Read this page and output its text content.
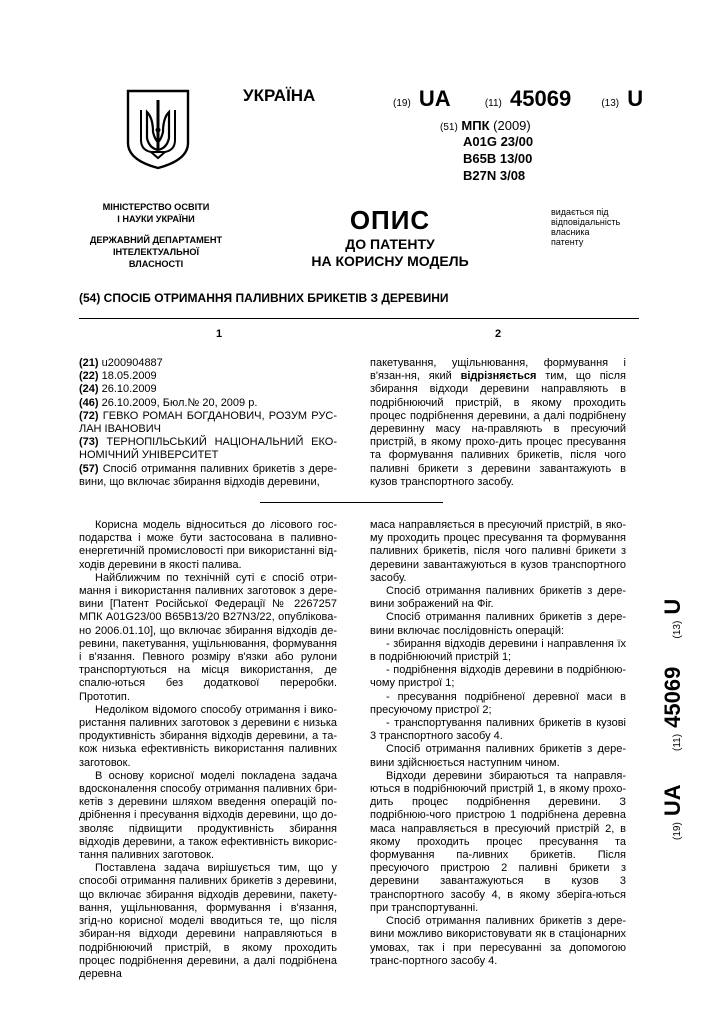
УКРАЇНА	(19) UA	(11) 45069	(13) U
(51) МПК (2009)
A01G 23/00
B65B 13/00
B27N 3/08
МІНІСТЕРСТВО ОСВІТИ
І НАУКИ УКРАЇНИ
ДЕРЖАВНИЙ ДЕПАРТАМЕНТ
ІНТЕЛЕКТУАЛЬНОЇ
ВЛАСНОСТІ
ОПИС
ДО ПАТЕНТУ
НА КОРИСНУ МОДЕЛЬ
видається під
відповідальність
власника
патенту
(54) СПОСІБ ОТРИМАННЯ ПАЛИВНИХ БРИКЕТІВ З ДЕРЕВИНИ
1	2

(21) u200904887

(22) 18.05.2009

(24) 26.10.2009

(46) 26.10.2009, Бюл.№ 20, 2009 р.

(72) ГЕВКО РОМАН БОГДАНОВИЧ, РОЗУМ РУС-ЛАН ІВАНОВИЧ

(73) ТЕРНОПІЛЬСЬКИЙ НАЦІОНАЛЬНИЙ ЕКО-НОМІЧНИЙ УНІВЕРСИТЕТ

(57) Спосіб отримання паливних брикетів з дере-вини, що включає збирання відходів деревини,

пакетування, ущільнювання, формування і в'язан-ня, який відрізняється тим, що після збирання відходи деревини направляють в подрібнюючий пристрій, в якому проходить процес подрібнення деревини, а далі подрібнену деревинну масу на-правляють в пресуючий пристрій, в якому прохо-дить процес пресування та формування паливних брикетів, після чого паливні брикети з деревини завантажують в кузов транспортного засобу.

Корисна модель відноситься до лісового гос-подарства і може бути застосована в паливно-енергетичній промисловості при використанні від-ходів деревини в якості палива.

Найближчим по технічній суті є спосіб отри-мання і використання паливних заготовок з дере-вини [Патент Російської Федерації № 2267257 МПК A01G23/00 B65B13/20 B27N3/22, опублікова-но 2006.01.10], що включає збирання відходів де-ревини, пакетування, ущільнювання, формування і в'язання. Певного розміру в'язки або рулони транспортуються на місця використання, де спалю-ються без додаткової переробки. Прототип.

Недоліком відомого способу отримання і вико-ристання паливних заготовок з деревини є низька продуктивність збирання відходів деревини, а та-кож низька ефективність використання паливних заготовок.

В основу корисної моделі покладена задача вдосконалення способу отримання паливних бри-кетів з деревини шляхом введення операцій по-дрібнення і пресування відходів деревини, що до-зволяє підвищити продуктивність збирання відходів деревини, а також ефективність викорис-тання паливних заготовок.

Поставлена задача вирішується тим, що у способі отримання паливних брикетів з деревини, що включає збирання відходів деревини, пакету-вання, ущільнювання, формування і в'язання, згід-но корисної моделі вводиться те, що після збиран-ня відходи деревини направляються в подрібнюючий пристрій, в якому проходить процес подрібнення деревини, а далі подрібнена деревна

маса направляється в пресуючий пристрій, в яко-му проходить процес пресування та формування паливних брикетів, після чого паливні брикети з деревини завантажуються в кузов транспортного засобу.

Спосіб отримання паливних брикетів з дере-вини зображений на Фіг.

Спосіб отримання паливних брикетів з дере-вини включає послідовність операцій:

- збирання відходів деревини і направлення їх в подрібнюючий пристрій 1;

- подрібнення відходів деревини в подрібнюю-чому пристрої 1;

- пресування подрібненої деревної маси в пресуючому пристрої 2;

- транспортування паливних брикетів в кузові 3 транспортного засобу 4.

Спосіб отримання паливних брикетів з дере-вини здійснюється наступним чином.

Відходи деревини збираються та направля-ються в подрібнюючий пристрій 1, в якому прохо-дить процес подрібнення деревини. З подрібнюю-чого пристрою 1 подрібнена деревна маса направляється в пресуючий пристрій 2, в якому проходить процес пресування та формування па-ливних брикетів. Після пресуючого пристрою 2 паливні брикети з деревини завантажуються в кузов 3 транспортного засобу 4, в якому зберіга-ються при транспортуванні.

Спосіб отримання паливних брикетів з дере-вини можливо використовувати як в стаціонарних умовах, так і при пересуванні за допомогою транс-портного засобу 4.

(19) UA (11) 45069 (13) U
